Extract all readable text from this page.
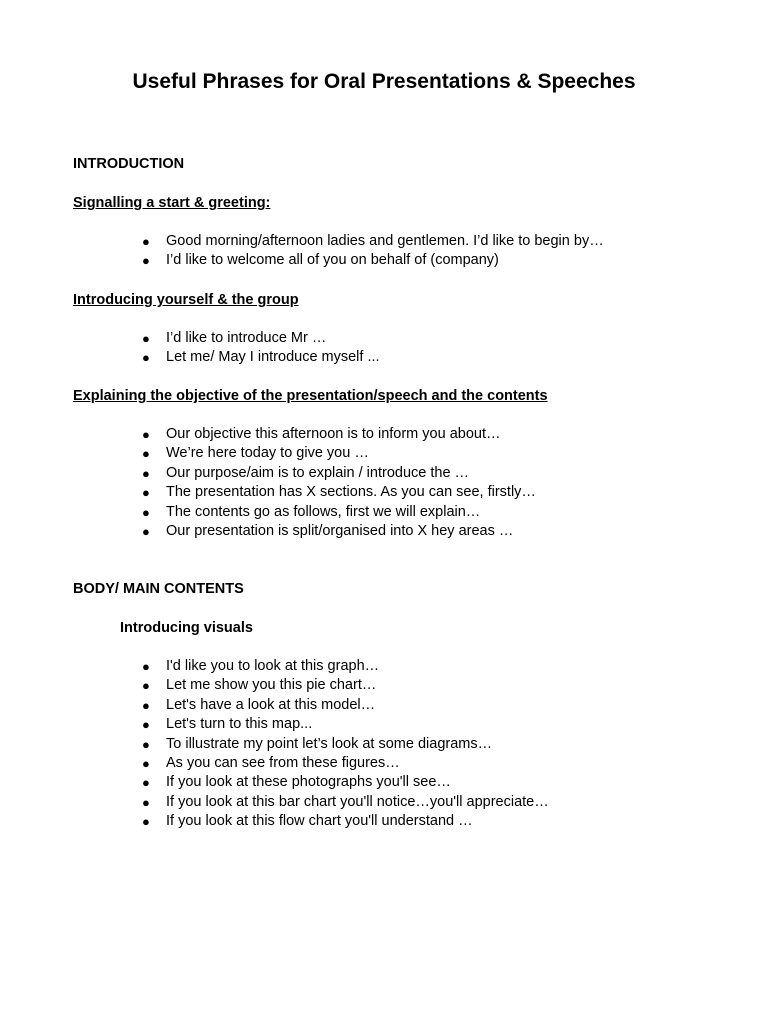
Useful Phrases for Oral Presentations & Speeches
INTRODUCTION
Signalling a start & greeting:
● Good morning/afternoon ladies and gentlemen. I’d like to begin by…
● I’d like to welcome all of you on behalf of (company)
Introducing yourself & the group
● I’d like to introduce Mr …
● Let me/ May I introduce myself ...
Explaining the objective of the presentation/speech and the contents
● Our objective this afternoon is to inform you about…
● We’re here today to give you …
● Our purpose/aim is to explain / introduce the …
● The presentation has X sections. As you can see, firstly…
● The contents go as follows, first we will explain…
● Our presentation is split/organised into X hey areas …
BODY/ MAIN CONTENTS
Introducing visuals
● I'd like you to look at this graph…
● Let me show you this pie chart…
● Let's have a look at this model…
● Let's turn to this map...
● To illustrate my point let’s look at some diagrams…
● As you can see from these figures…
● If you look at these photographs you'll see…
● If you look at this bar chart you'll notice…you'll appreciate…
● If you look at this flow chart you'll understand …
